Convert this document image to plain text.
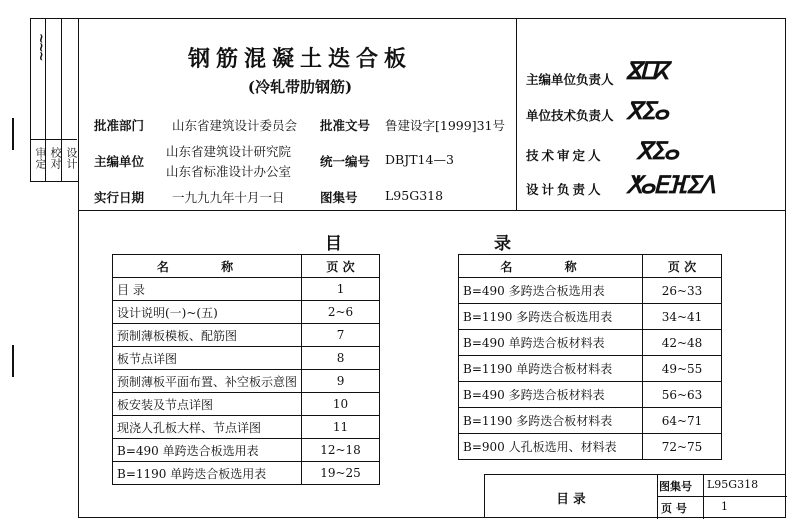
审定 校对 设计
~~~	钢筋混凝土迭合板
(冷轧带肋钢筋)
批准部门 山东省建筑设计委员会 批准文号 鲁建设字[1999]31号
主编单位
山东省建筑设计研究院
山东省标准设计办公室
统一编号 DBJT14—3
实行日期 一九九九年十月一日	图集号 L95G318
主编单位负责人 ⴵⵎⴽ
单位技术负责人 ⴳⵉⴰ
技术审定人 ⴳⵉⴰ
设计负责人 ⵅⴰⴹⴼⵉⴷ
目	录
名 称	页 次
目 录	1
设计说明(一)~(五)	2~6
预制薄板模板、配筋图	7
板节点详图	8
预制薄板平面布置、补空板示意图	9
板安装及节点详图	10
现浇人孔板大样、节点详图	11
B=490 单跨迭合板选用表	12~18
B=1190 单跨迭合板选用表	19~25
名 称	页 次
B=490 多跨迭合板选用表	26~33
B=1190 多跨迭合板选用表	34~41
B=490 单跨迭合板材料表	42~48
B=1190 单跨迭合板材料表	49~55
B=490 多跨迭合板材料表	56~63
B=1190 多跨迭合板材料表	64~71
B=900 人孔板选用、材料表	72~75
目 录
图集号 L95G318
页 号	1
